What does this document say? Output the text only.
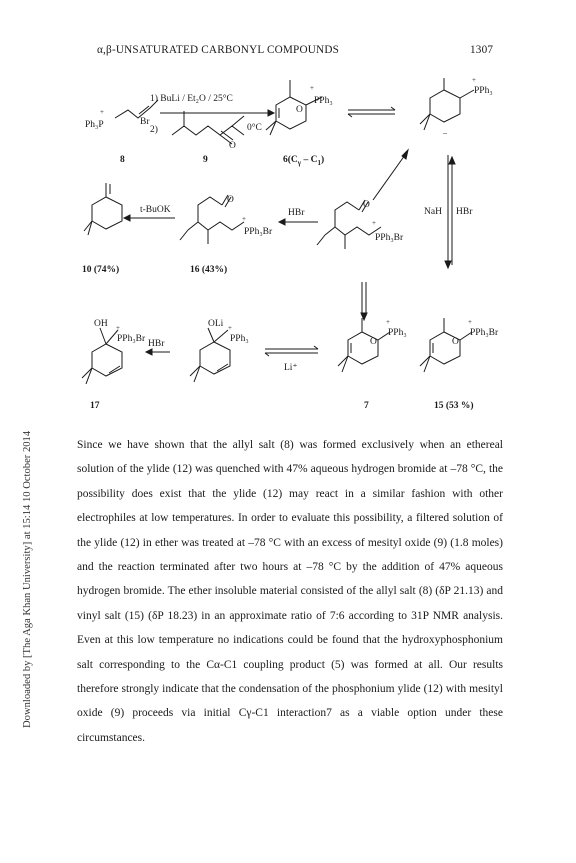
α,β-UNSATURATED CARBONYL COMPOUNDS	1307
Downloaded by [The Aga Khan University] at 15:14 10 October 2014
1) BuLi / Et₂O / 25°C
2)	0°C
Ph₃P
+
Br
O
PPh₃
+
O
PPh₃
+
–
t-BuOK
O
PPh₃Br
+
HBr
O
PPh₃Br
+
NaH HBr
OH
PPh₃Br
+
HBr
OLi
PPh₃
+
Li⁺
PPh₃
+
O
PPh₃Br
+
O
8	9	$6(C_\gamma - C_1)$
10 (74%)	16 (43%)
17	7	15 (53 %)

Since we have shown that the allyl salt (8) was formed exclusively when an ethereal solution of the ylide (12) was quenched with 47% aqueous hydrogen bromide at –78 °C, the possibility does exist that the ylide (12) may react in a similar fashion with other electrophiles at low temperatures. In order to evaluate this possibility, a filtered solution of the ylide (12) in ether was treated at –78 °C with an excess of mesityl oxide (9) (1.8 moles) and the reaction terminated after two hours at –78 °C by the addition of 47% aqueous hydrogen bromide. The ether insoluble material consisted of the allyl salt (8) (δP 21.13) and vinyl salt (15) (δP 18.23) in an approximate ratio of 7:6 according to 31P NMR analysis. Even at this low temperature no indications could be found that the hydroxyphosphonium salt corresponding to the Cα-C1 coupling product (5) was formed at all. Our results therefore strongly indicate that the condensation of the phosphonium ylide (12) with mesityl oxide (9) proceeds via initial Cγ-C1 interaction7 as a viable option under these circumstances.
